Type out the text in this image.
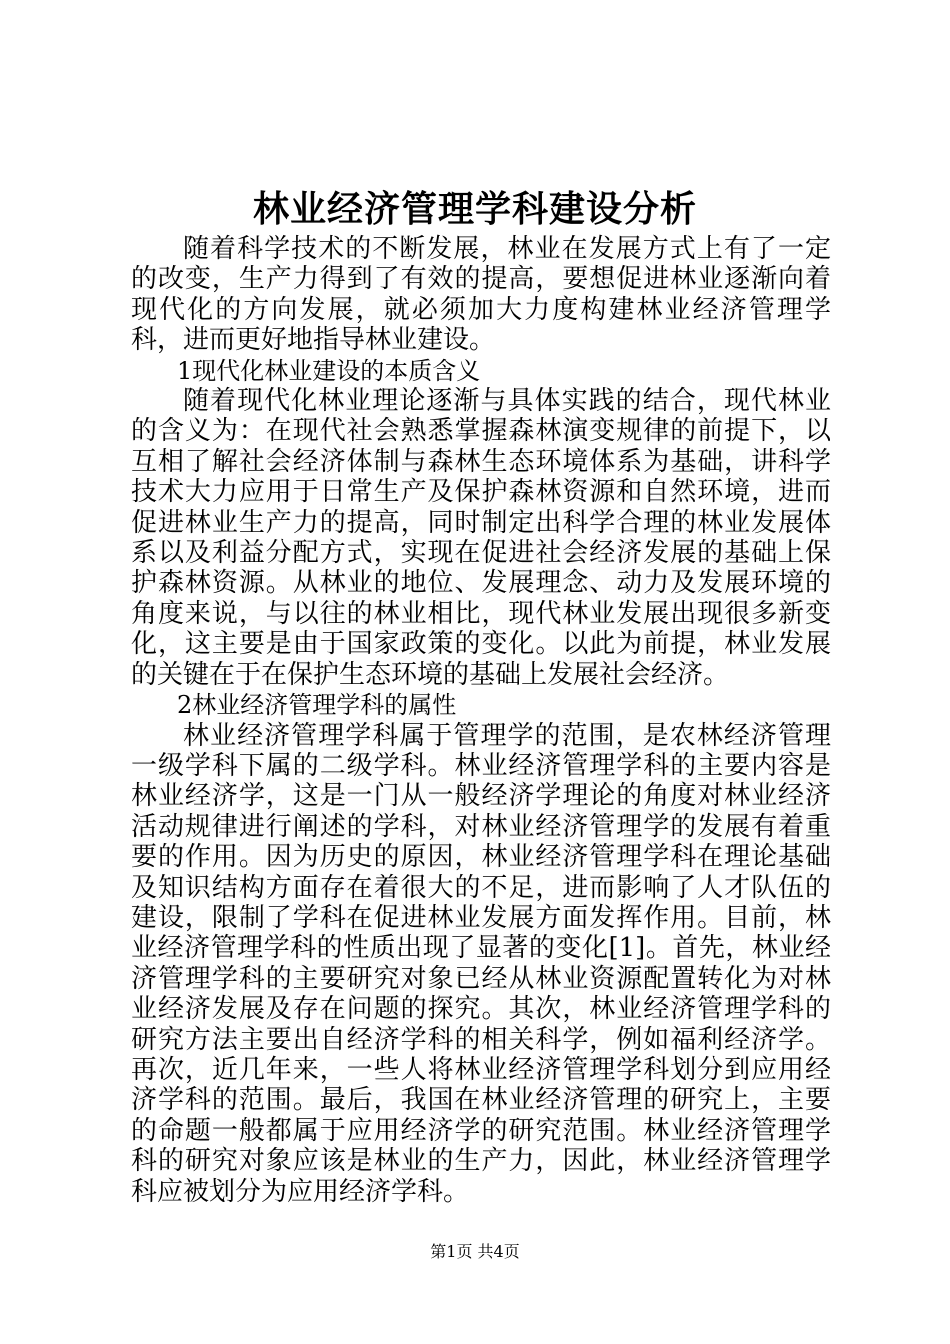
林业经济管理学科建设分析

随着科学技术的不断发展，林业在发展方式上有了一定的改变，生产力得到了有效的提高，要想促进林业逐渐向着现代化的方向发展，就必须加大力度构建林业经济管理学科，进而更好地指导林业建设。

1现代化林业建设的本质含义

随着现代化林业理论逐渐与具体实践的结合，现代林业的含义为：在现代社会熟悉掌握森林演变规律的前提下，以互相了解社会经济体制与森林生态环境体系为基础，讲科学技术大力应用于日常生产及保护森林资源和自然环境，进而促进林业生产力的提高，同时制定出科学合理的林业发展体系以及利益分配方式，实现在促进社会经济发展的基础上保护森林资源。从林业的地位、发展理念、动力及发展环境的角度来说，与以往的林业相比，现代林业发展出现很多新变化，这主要是由于国家政策的变化。以此为前提，林业发展的关键在于在保护生态环境的基础上发展社会经济。

2林业经济管理学科的属性

林业经济管理学科属于管理学的范围，是农林经济管理一级学科下属的二级学科。林业经济管理学科的主要内容是林业经济学，这是一门从一般经济学理论的角度对林业经济活动规律进行阐述的学科，对林业经济管理学的发展有着重要的作用。因为历史的原因，林业经济管理学科在理论基础及知识结构方面存在着很大的不足，进而影响了人才队伍的建设，限制了学科在促进林业发展方面发挥作用。目前，林业经济管理学科的性质出现了显著的变化[1]。首先，林业经济管理学科的主要研究对象已经从林业资源配置转化为对林业经济发展及存在问题的探究。其次，林业经济管理学科的研究方法主要出自经济学科的相关科学，例如福利经济学。再次，近几年来，一些人将林业经济管理学科划分到应用经济学科的范围。最后，我国在林业经济管理的研究上，主要的命题一般都属于应用经济学的研究范围。林业经济管理学科的研究对象应该是林业的生产力，因此，林业经济管理学科应被划分为应用经济学科。

第1页 共4页
